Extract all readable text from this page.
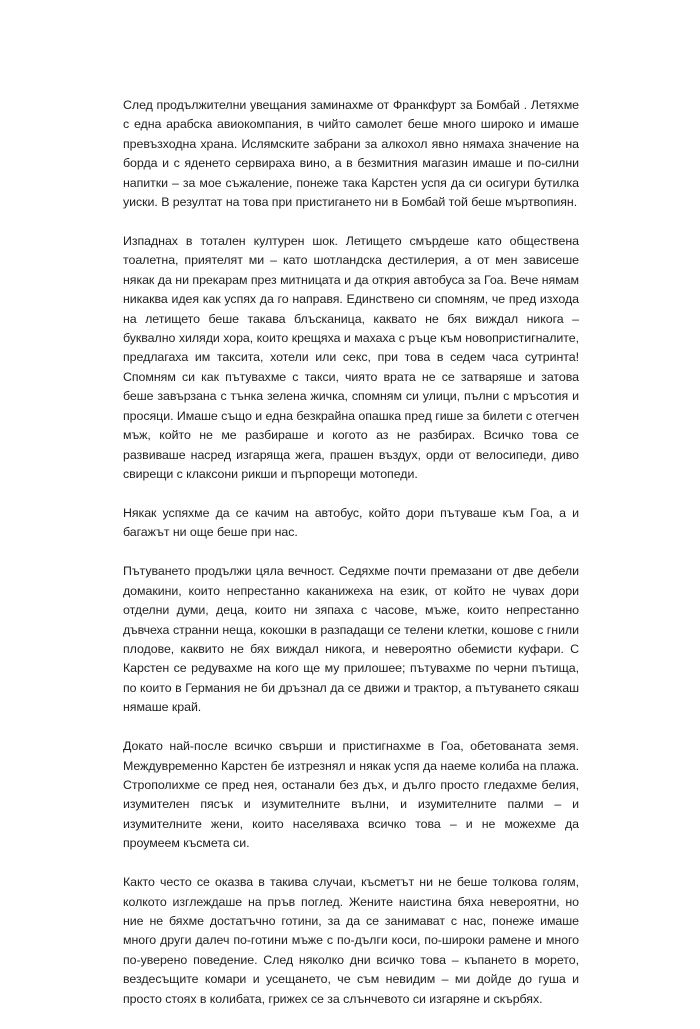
След продължителни увещания заминахме от Франкфурт за Бомбай . Летяхме с една арабска авиокомпания, в чийто самолет беше много широко и имаше превъзходна храна. Ислямските забрани за алкохол явно нямаха значение на борда и с яденето сервираха вино, а в безмитния магазин имаше и по-силни напитки – за мое съжаление, понеже така Карстен успя да си осигури бутилка уиски. В резултат на това при пристигането ни в Бомбай той беше мъртвопиян.

Изпаднах в тотален културен шок. Летището смърдеше като обществена тоалетна, приятелят ми – като шотландска дестилерия, а от мен зависеше някак да ни прекарам през митницата и да открия автобуса за Гоа. Вече нямам никаква идея как успях да го направя. Единствено си спомням, че пред изхода на летището беше такава блъсканица, каквато не бях виждал никога – буквално хиляди хора, които крещяха и махаха с ръце към новопристигналите, предлагаха им таксита, хотели или секс, при това в седем часа сутринта! Спомням си как пътувахме с такси, чиято врата не се затваряше и затова беше завързана с тънка зелена жичка, спомням си улици, пълни с мръсотия и просяци. Имаше също и една безкрайна опашка пред гише за билети с отегчен мъж, който не ме разбираше и когото аз не разбирах. Всичко това се развиваше насред изгаряща жега, прашен въздух, орди от велосипеди, диво свирещи с клаксони рикши и пърпорещи мотопеди.

Някак успяхме да се качим на автобус, който дори пътуваше към Гоа, а и багажът ни още беше при нас.

Пътуването продължи цяла вечност. Седяхме почти премазани от две дебели домакини, които непрестанно каканижеха на език, от който не чувах дори отделни думи, деца, които ни зяпаха с часове, мъже, които непрестанно дъвчеха странни неща, кокошки в разпадащи се телени клетки, кошове с гнили плодове, каквито не бях виждал никога, и невероятно обемисти куфари. С Карстен се редувахме на кого ще му прилошее; пътувахме по черни пътища, по които в Германия не би дръзнал да се движи и трактор, а пътуването сякаш нямаше край.

Докато най-после всичко свърши и пристигнахме в Гоа, обетованата земя. Междувременно Карстен бе изтрезнял и някак успя да наеме колиба на плажа. Строполихме се пред нея, останали без дъх, и дълго просто гледахме белия, изумителен пясък и изумителните вълни, и изумителните палми – и изумителните жени, които населяваха всичко това – и не можехме да проумеем късмета си.

Както често се оказва в такива случаи, късметът ни не беше толкова голям, колкото изглеждаше на пръв поглед. Жените наистина бяха невероятни, но ние не бяхме достатъчно готини, за да се занимават с нас, понеже имаше много други далеч по-готини мъже с по-дълги коси, по-широки рамене и много по-уверено поведение. След няколко дни всичко това – къпането в морето, вездесъщите комари и усещането, че съм невидим – ми дойде до гуша и просто стоях в колибата, грижех се за слънчевото си изгаряне и скърбях.
